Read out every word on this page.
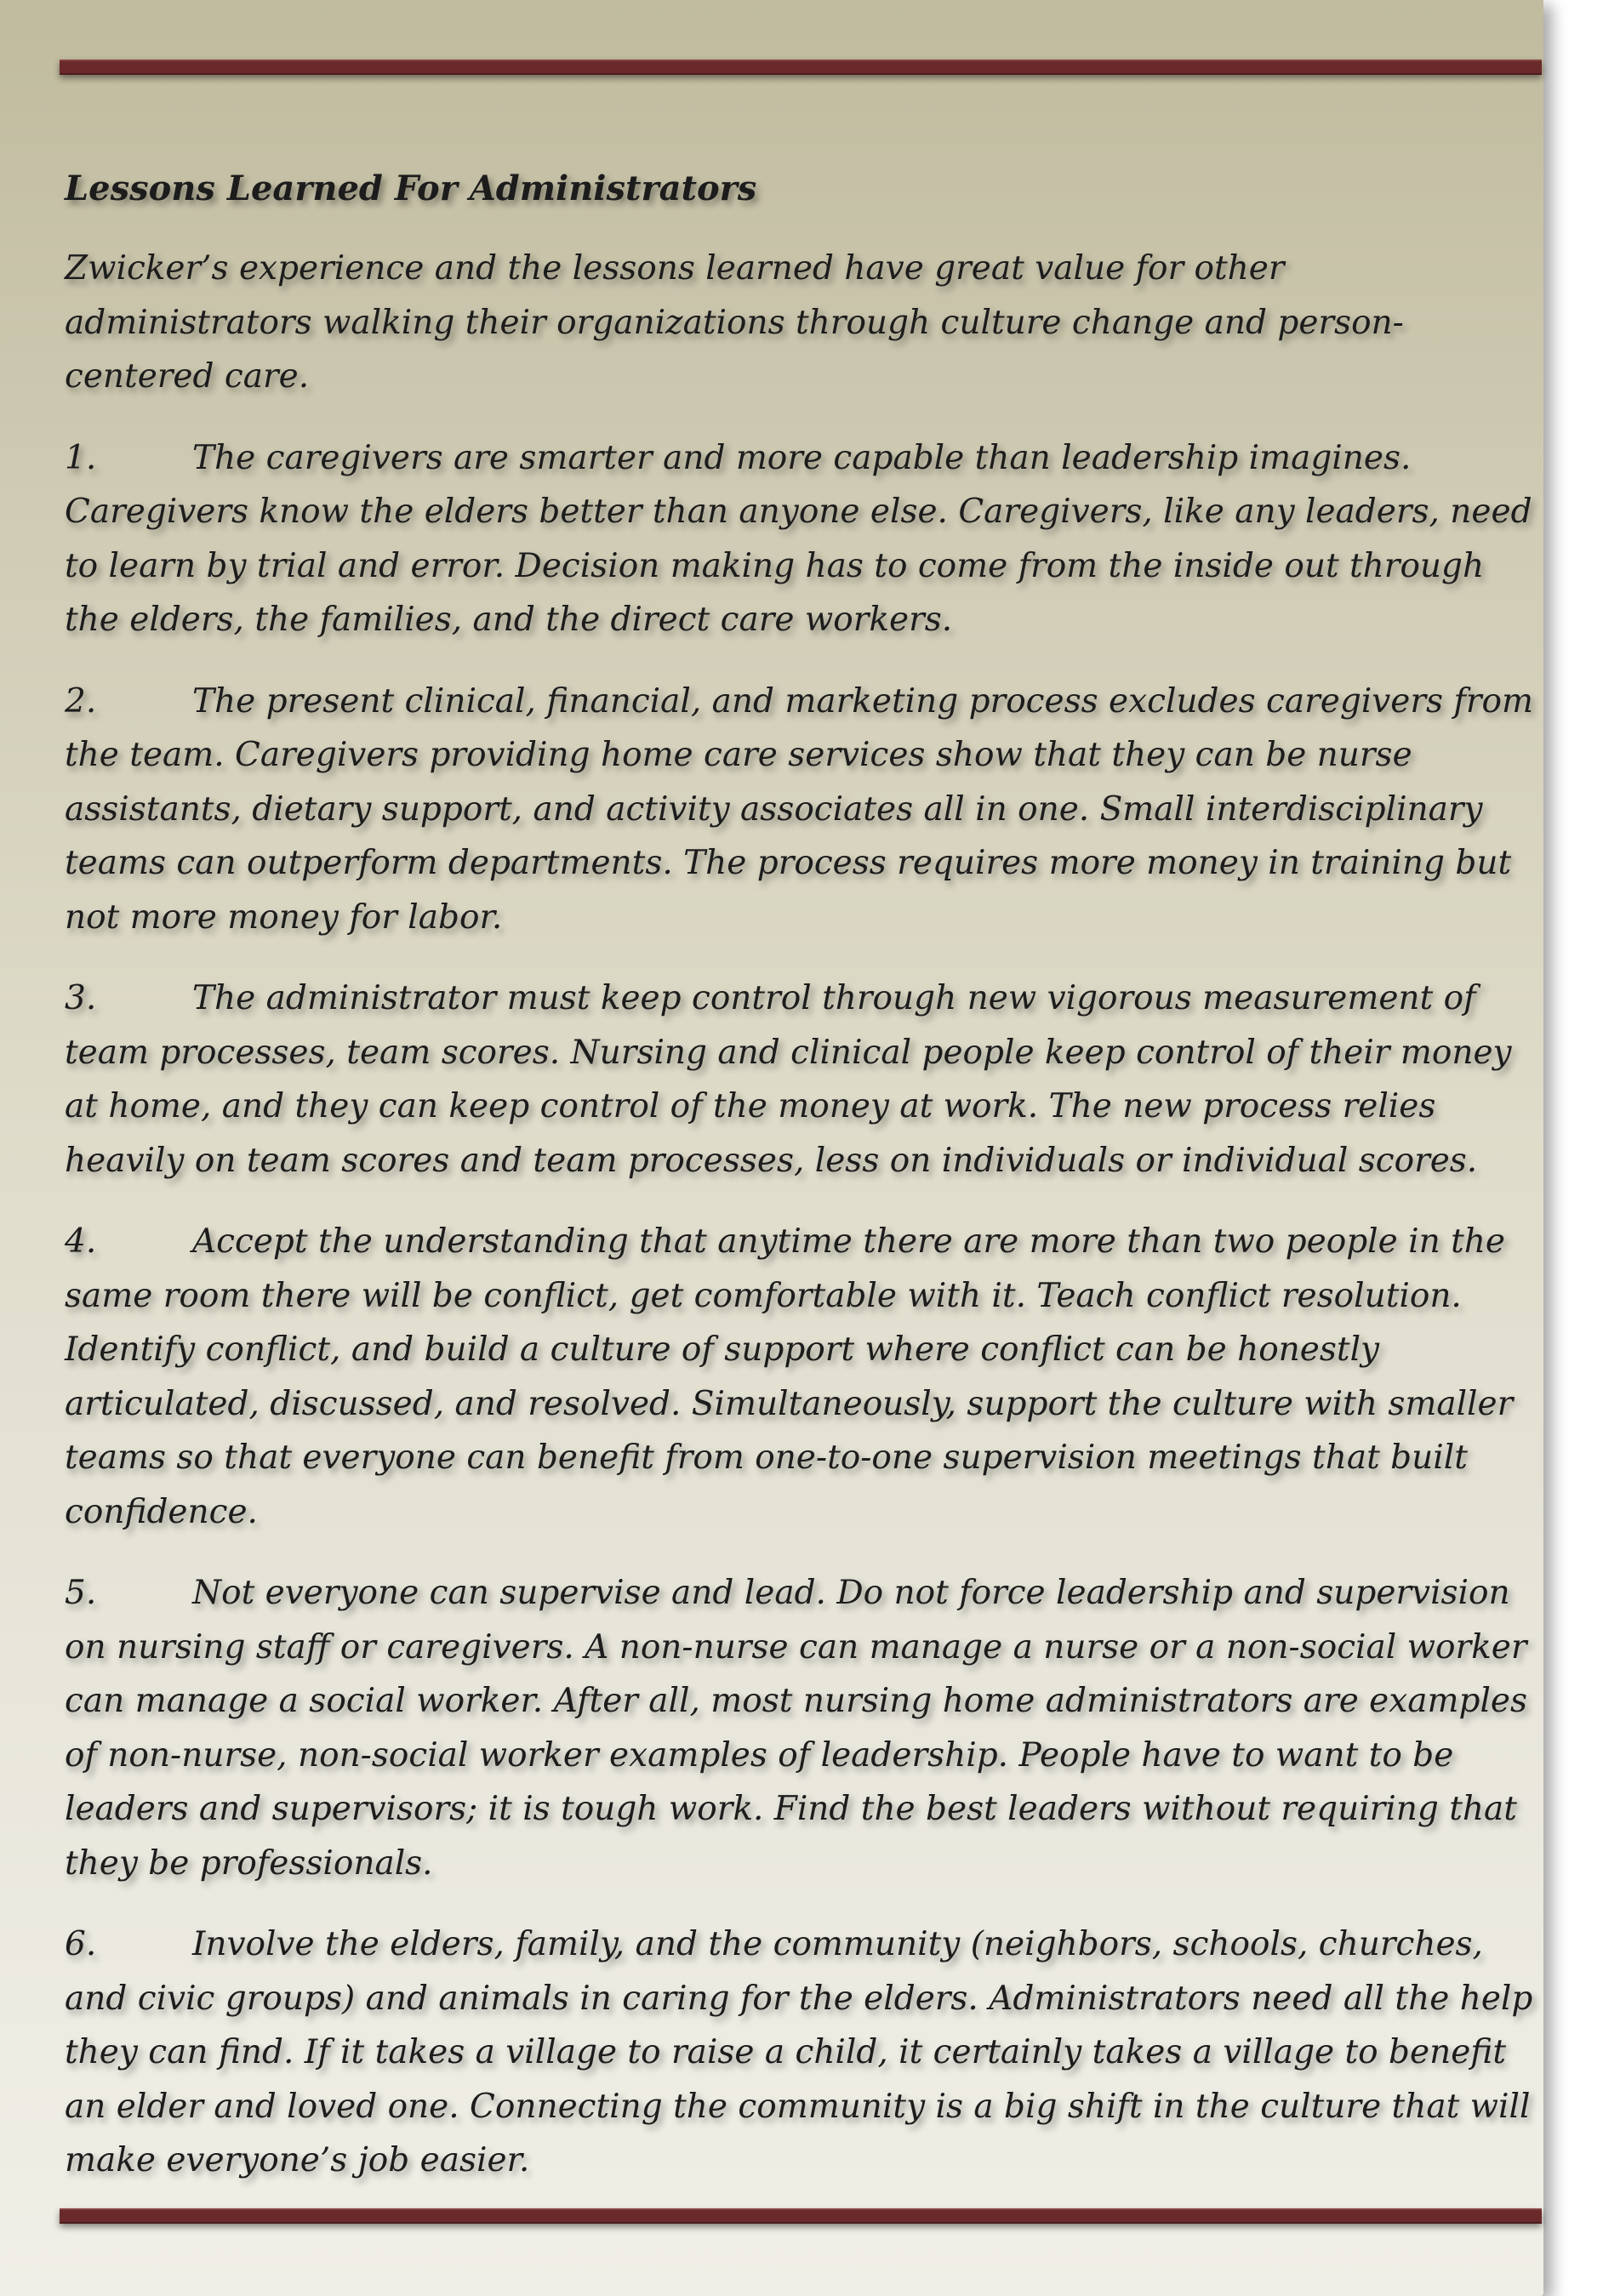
Lessons Learned For Administrators
Zwicker’s experience and the lessons learned have great value for other administrators walking their organizations through culture change and person-centered care.
1.	The caregivers are smarter and more capable than leadership imagines. Caregivers know the elders better than anyone else. Caregivers, like any leaders, need to learn by trial and error. Decision making has to come from the inside out through the elders, the families, and the direct care workers.
2.	The present clinical, financial, and marketing process excludes caregivers from the team. Caregivers providing home care services show that they can be nurse assistants, dietary support, and activity associates all in one. Small interdisciplinary teams can outperform departments. The process requires more money in training but not more money for labor.
3.	The administrator must keep control through new vigorous measurement of team processes, team scores. Nursing and clinical people keep control of their money at home, and they can keep control of the money at work. The new process relies heavily on team scores and team processes, less on individuals or individual scores.
4.	Accept the understanding that anytime there are more than two people in the same room there will be conflict, get comfortable with it. Teach conflict resolution. Identify conflict, and build a culture of support where conflict can be honestly articulated, discussed, and resolved. Simultaneously, support the culture with smaller teams so that everyone can benefit from one-to-one supervision meetings that built confidence.
5.	Not everyone can supervise and lead. Do not force leadership and supervision on nursing staff or caregivers. A non-nurse can manage a nurse or a non-social worker can manage a social worker. After all, most nursing home administrators are examples of non-nurse, non-social worker examples of leadership. People have to want to be leaders and supervisors; it is tough work. Find the best leaders without requiring that they be professionals.
6.	Involve the elders, family, and the community (neighbors, schools, churches, and civic groups) and animals in caring for the elders. Administrators need all the help they can find. If it takes a village to raise a child, it certainly takes a village to benefit an elder and loved one. Connecting the community is a big shift in the culture that will make everyone’s job easier.
